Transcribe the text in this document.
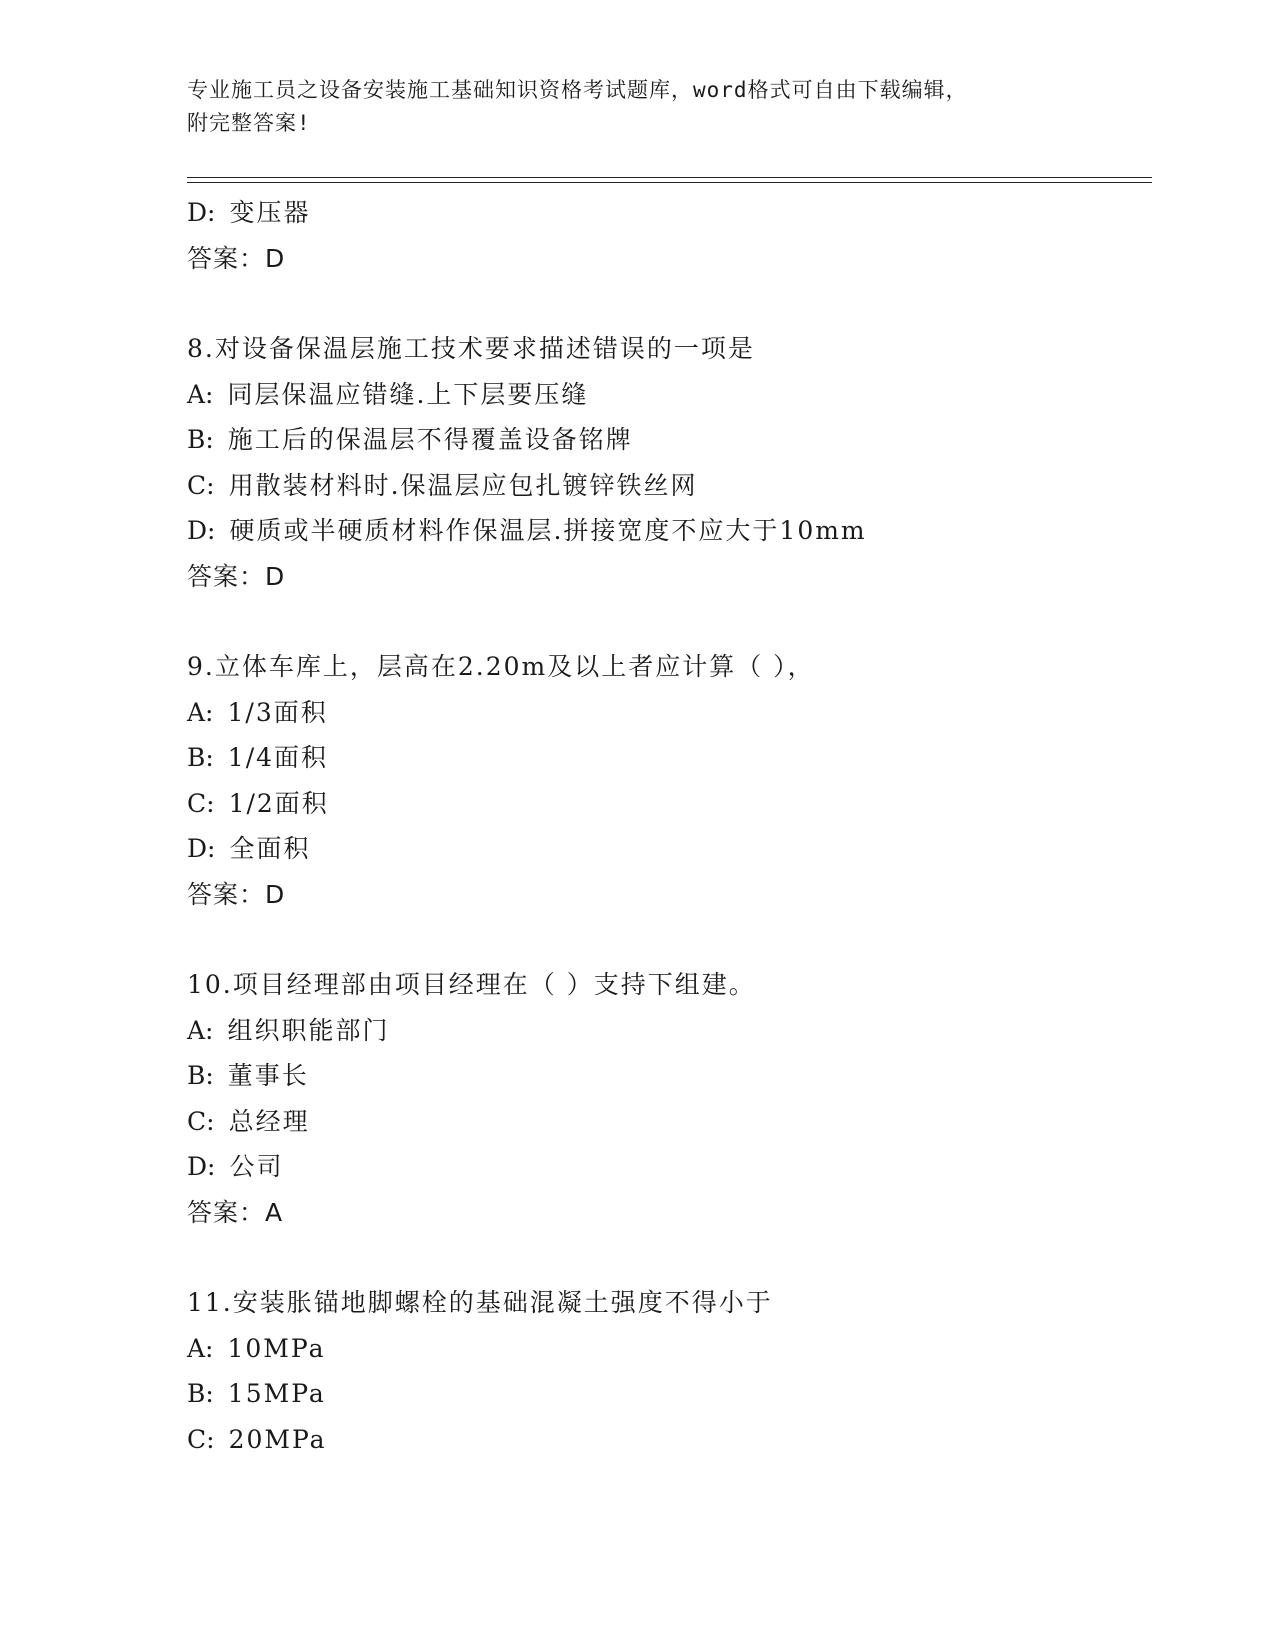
专业施工员之设备安装施工基础知识资格考试题库，word格式可自由下载编辑，
附完整答案!
D: 变压器
答案：D
8.对设备保温层施工技术要求描述错误的一项是
A: 同层保温应错缝.上下层要压缝
B: 施工后的保温层不得覆盖设备铭牌
C: 用散装材料时.保温层应包扎镀锌铁丝网
D: 硬质或半硬质材料作保温层.拼接宽度不应大于10mm
答案：D
9.立体车库上，层高在2.20m及以上者应计算（ ），
A: 1/3面积
B: 1/4面积
C: 1/2面积
D: 全面积
答案：D
10.项目经理部由项目经理在（ ）支持下组建。
A: 组织职能部门
B: 董事长
C: 总经理
D: 公司
答案：A
11.安装胀锚地脚螺栓的基础混凝土强度不得小于
A: 10MPa
B: 15MPa
C: 20MPa
